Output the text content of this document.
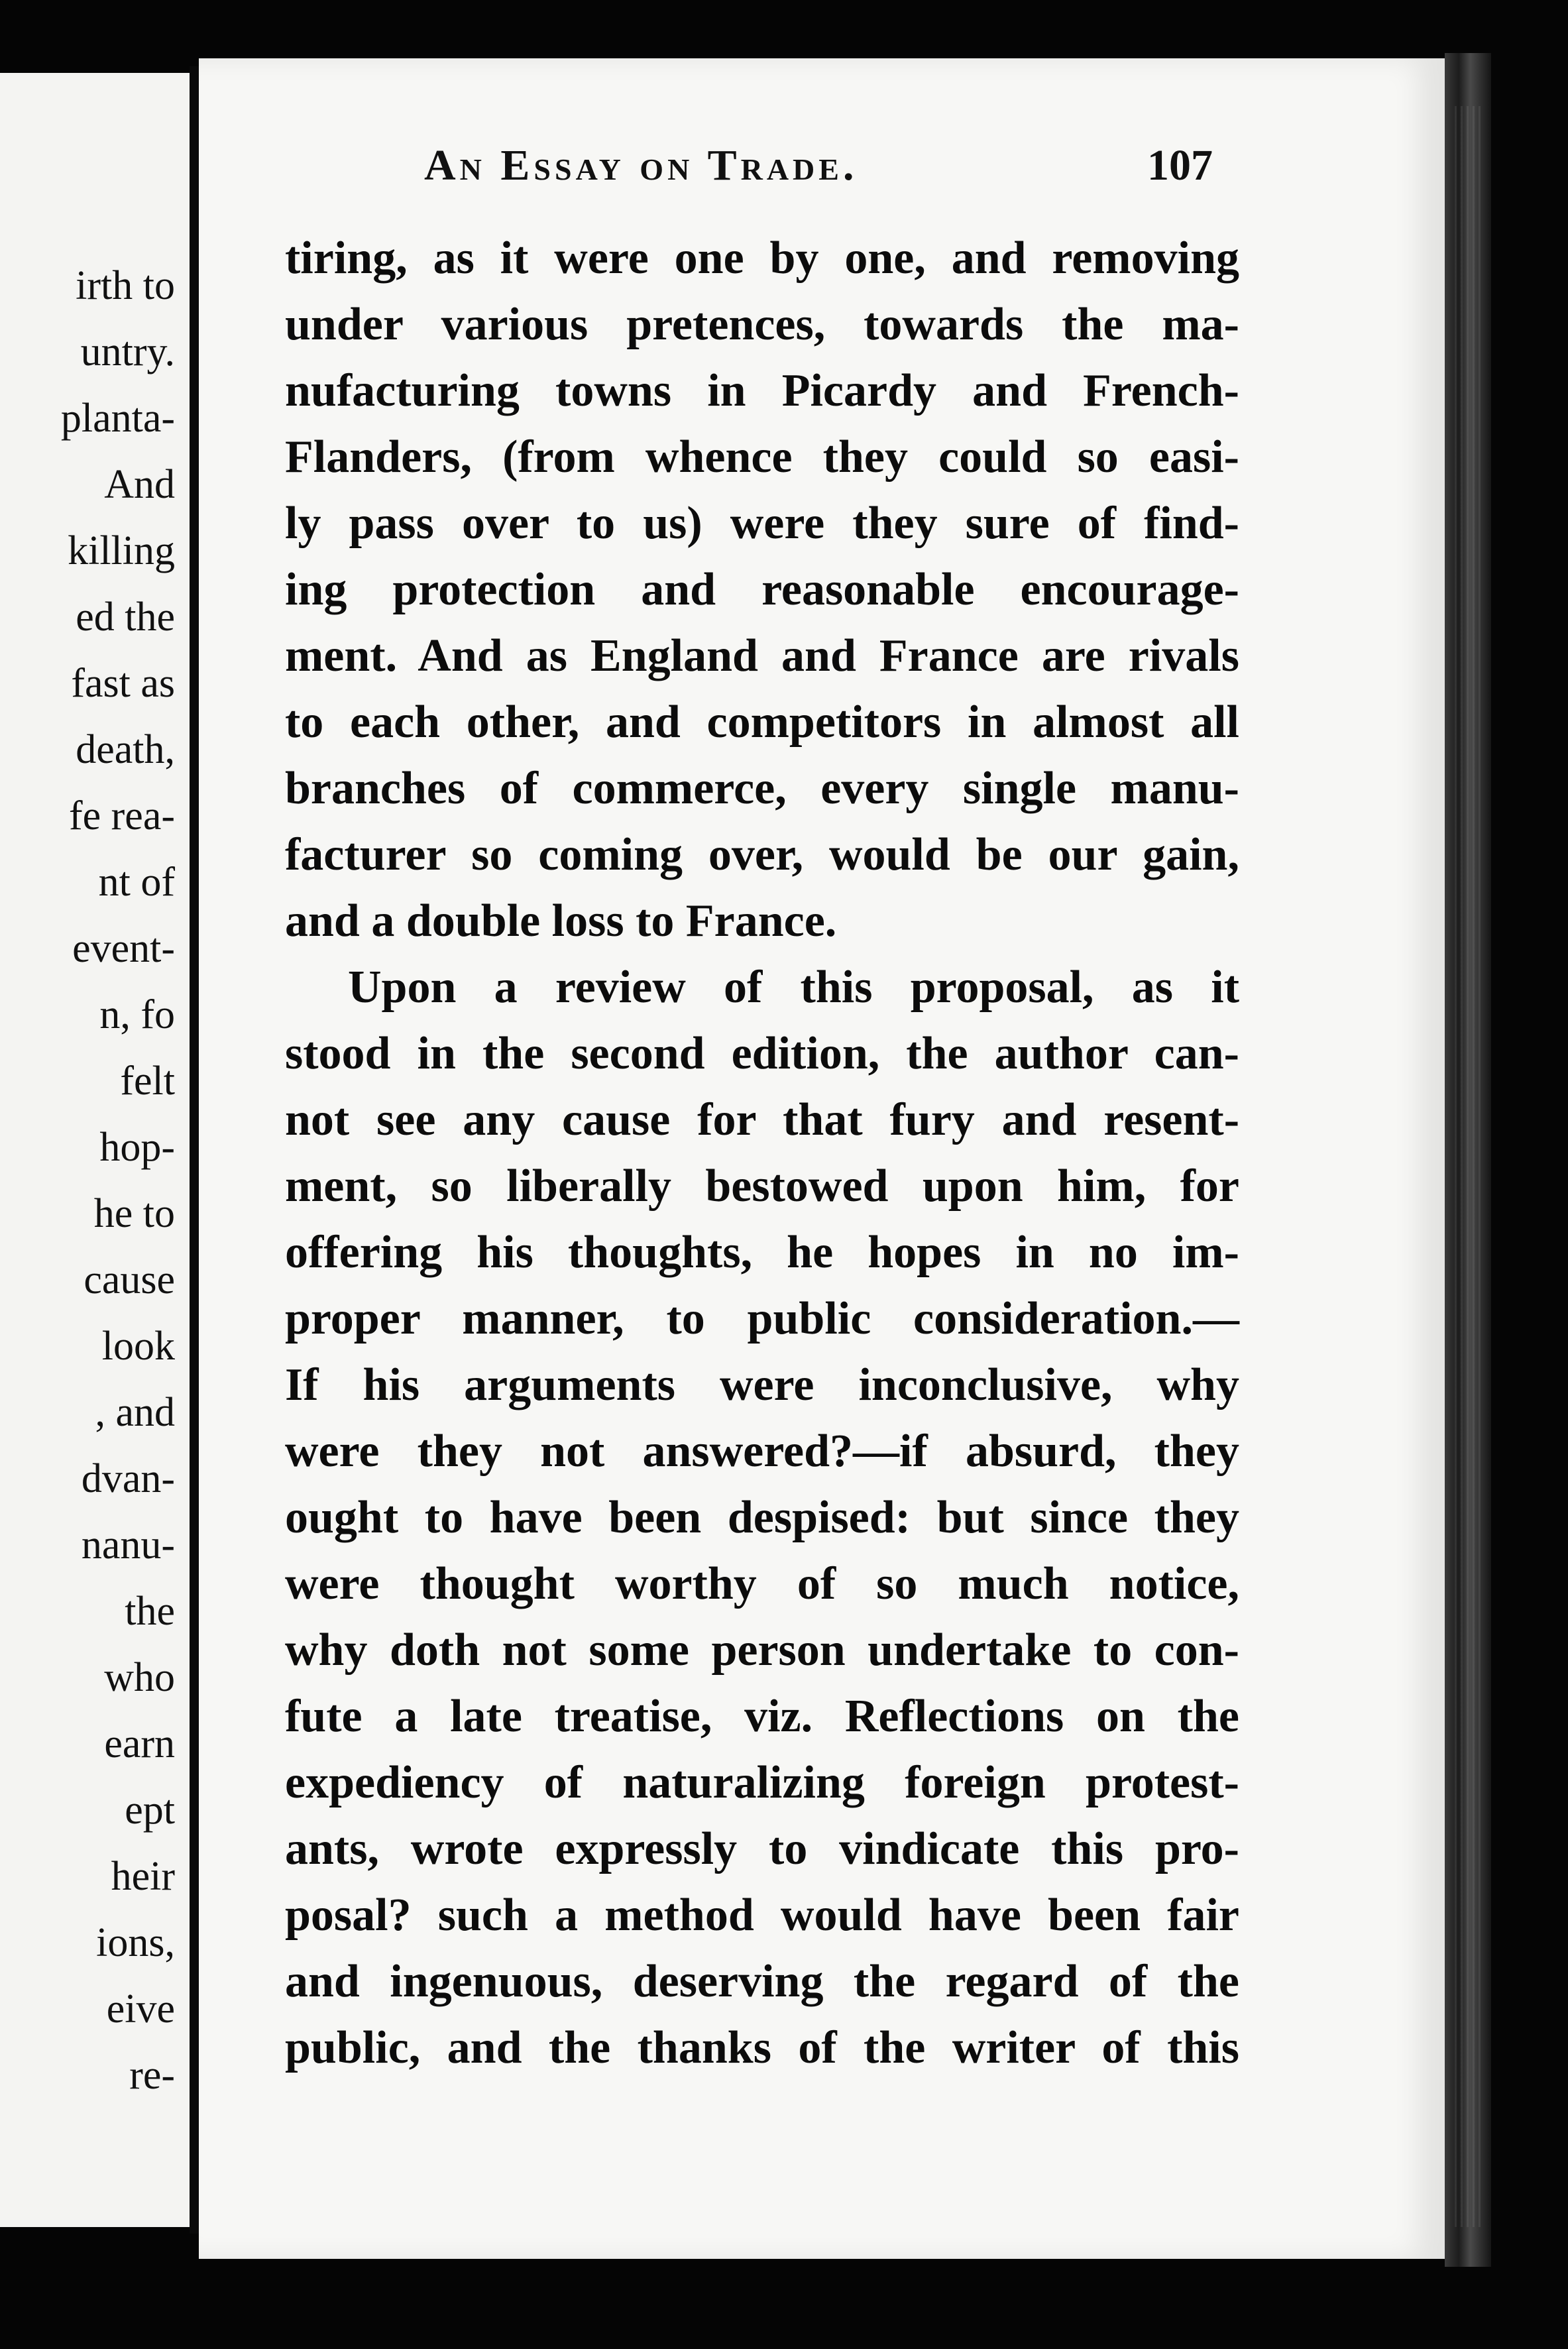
irth to
untry.
planta-
And
killing
ed the
fast as
death,
fe rea-
nt of
event-
n, fo
felt
hop-
he to
cause
look
, and
dvan-
nanu-
the
who
earn
ept
heir
ions,
eive
re-
An Essay on Trade.	107
tiring, as it were one by one, and removing
under various pretences, towards the ma-
nufacturing towns in Picardy and French-
Flanders, (from whence they could so easi-
ly pass over to us) were they sure of find-
ing protection and reasonable encourage-
ment. And as England and France are rivals
to each other, and competitors in almost all
branches of commerce, every single manu-
facturer so coming over, would be our gain,
and a double loss to France.
Upon a review of this proposal, as it
stood in the second edition, the author can-
not see any cause for that fury and resent-
ment, so liberally bestowed upon him, for
offering his thoughts, he hopes in no im-
proper manner, to public consideration.—
If his arguments were inconclusive, why
were they not answered?—if absurd, they
ought to have been despised: but since they
were thought worthy of so much notice,
why doth not some person undertake to con-
fute a late treatise, viz. Reflections on the
expediency of naturalizing foreign protest-
ants, wrote expressly to vindicate this pro-
posal? such a method would have been fair
and ingenuous, deserving the regard of the
public, and the thanks of the writer of this
